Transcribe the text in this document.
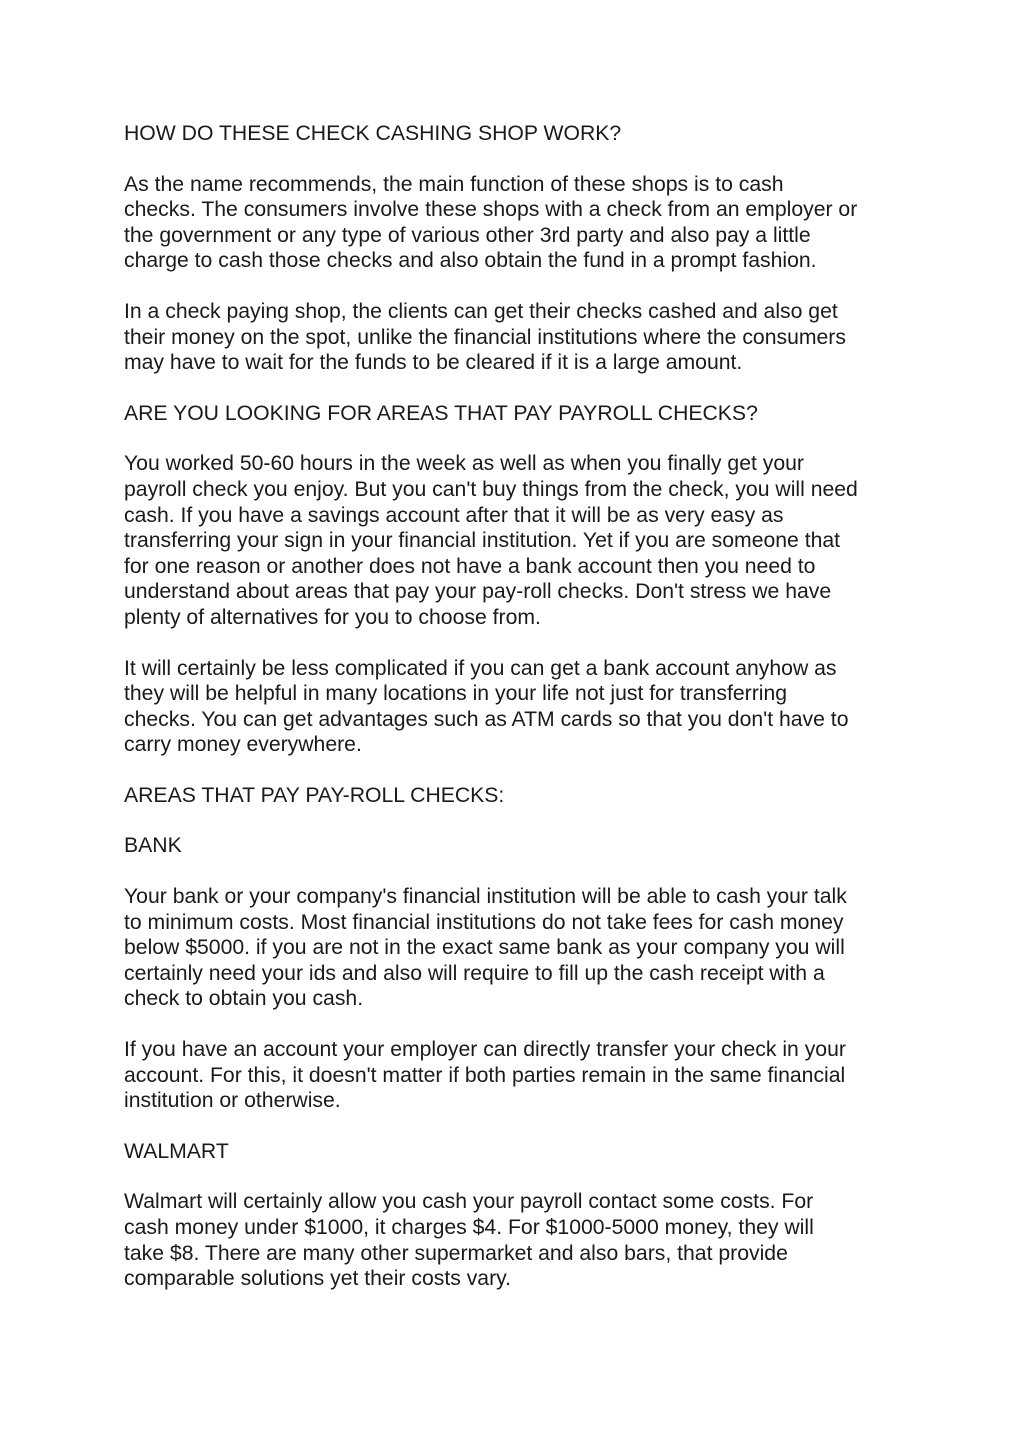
HOW DO THESE CHECK CASHING SHOP WORK?

As the name recommends, the main function of these shops is to cash
checks. The consumers involve these shops with a check from an employer or
the government or any type of various other 3rd party and also pay a little
charge to cash those checks and also obtain the fund in a prompt fashion.

In a check paying shop, the clients can get their checks cashed and also get
their money on the spot, unlike the financial institutions where the consumers
may have to wait for the funds to be cleared if it is a large amount.

ARE YOU LOOKING FOR AREAS THAT PAY PAYROLL CHECKS?

You worked 50-60 hours in the week as well as when you finally get your
payroll check you enjoy. But you can't buy things from the check, you will need
cash. If you have a savings account after that it will be as very easy as
transferring your sign in your financial institution. Yet if you are someone that
for one reason or another does not have a bank account then you need to
understand about areas that pay your pay-roll checks. Don't stress we have
plenty of alternatives for you to choose from.

It will certainly be less complicated if you can get a bank account anyhow as
they will be helpful in many locations in your life not just for transferring
checks. You can get advantages such as ATM cards so that you don't have to
carry money everywhere.

AREAS THAT PAY PAY-ROLL CHECKS:

BANK

Your bank or your company's financial institution will be able to cash your talk
to minimum costs. Most financial institutions do not take fees for cash money
below $5000. if you are not in the exact same bank as your company you will
certainly need your ids and also will require to fill up the cash receipt with a
check to obtain you cash.

If you have an account your employer can directly transfer your check in your
account. For this, it doesn't matter if both parties remain in the same financial
institution or otherwise.

WALMART

Walmart will certainly allow you cash your payroll contact some costs. For
cash money under $1000, it charges $4. For $1000-5000 money, they will
take $8. There are many other supermarket and also bars, that provide
comparable solutions yet their costs vary.
